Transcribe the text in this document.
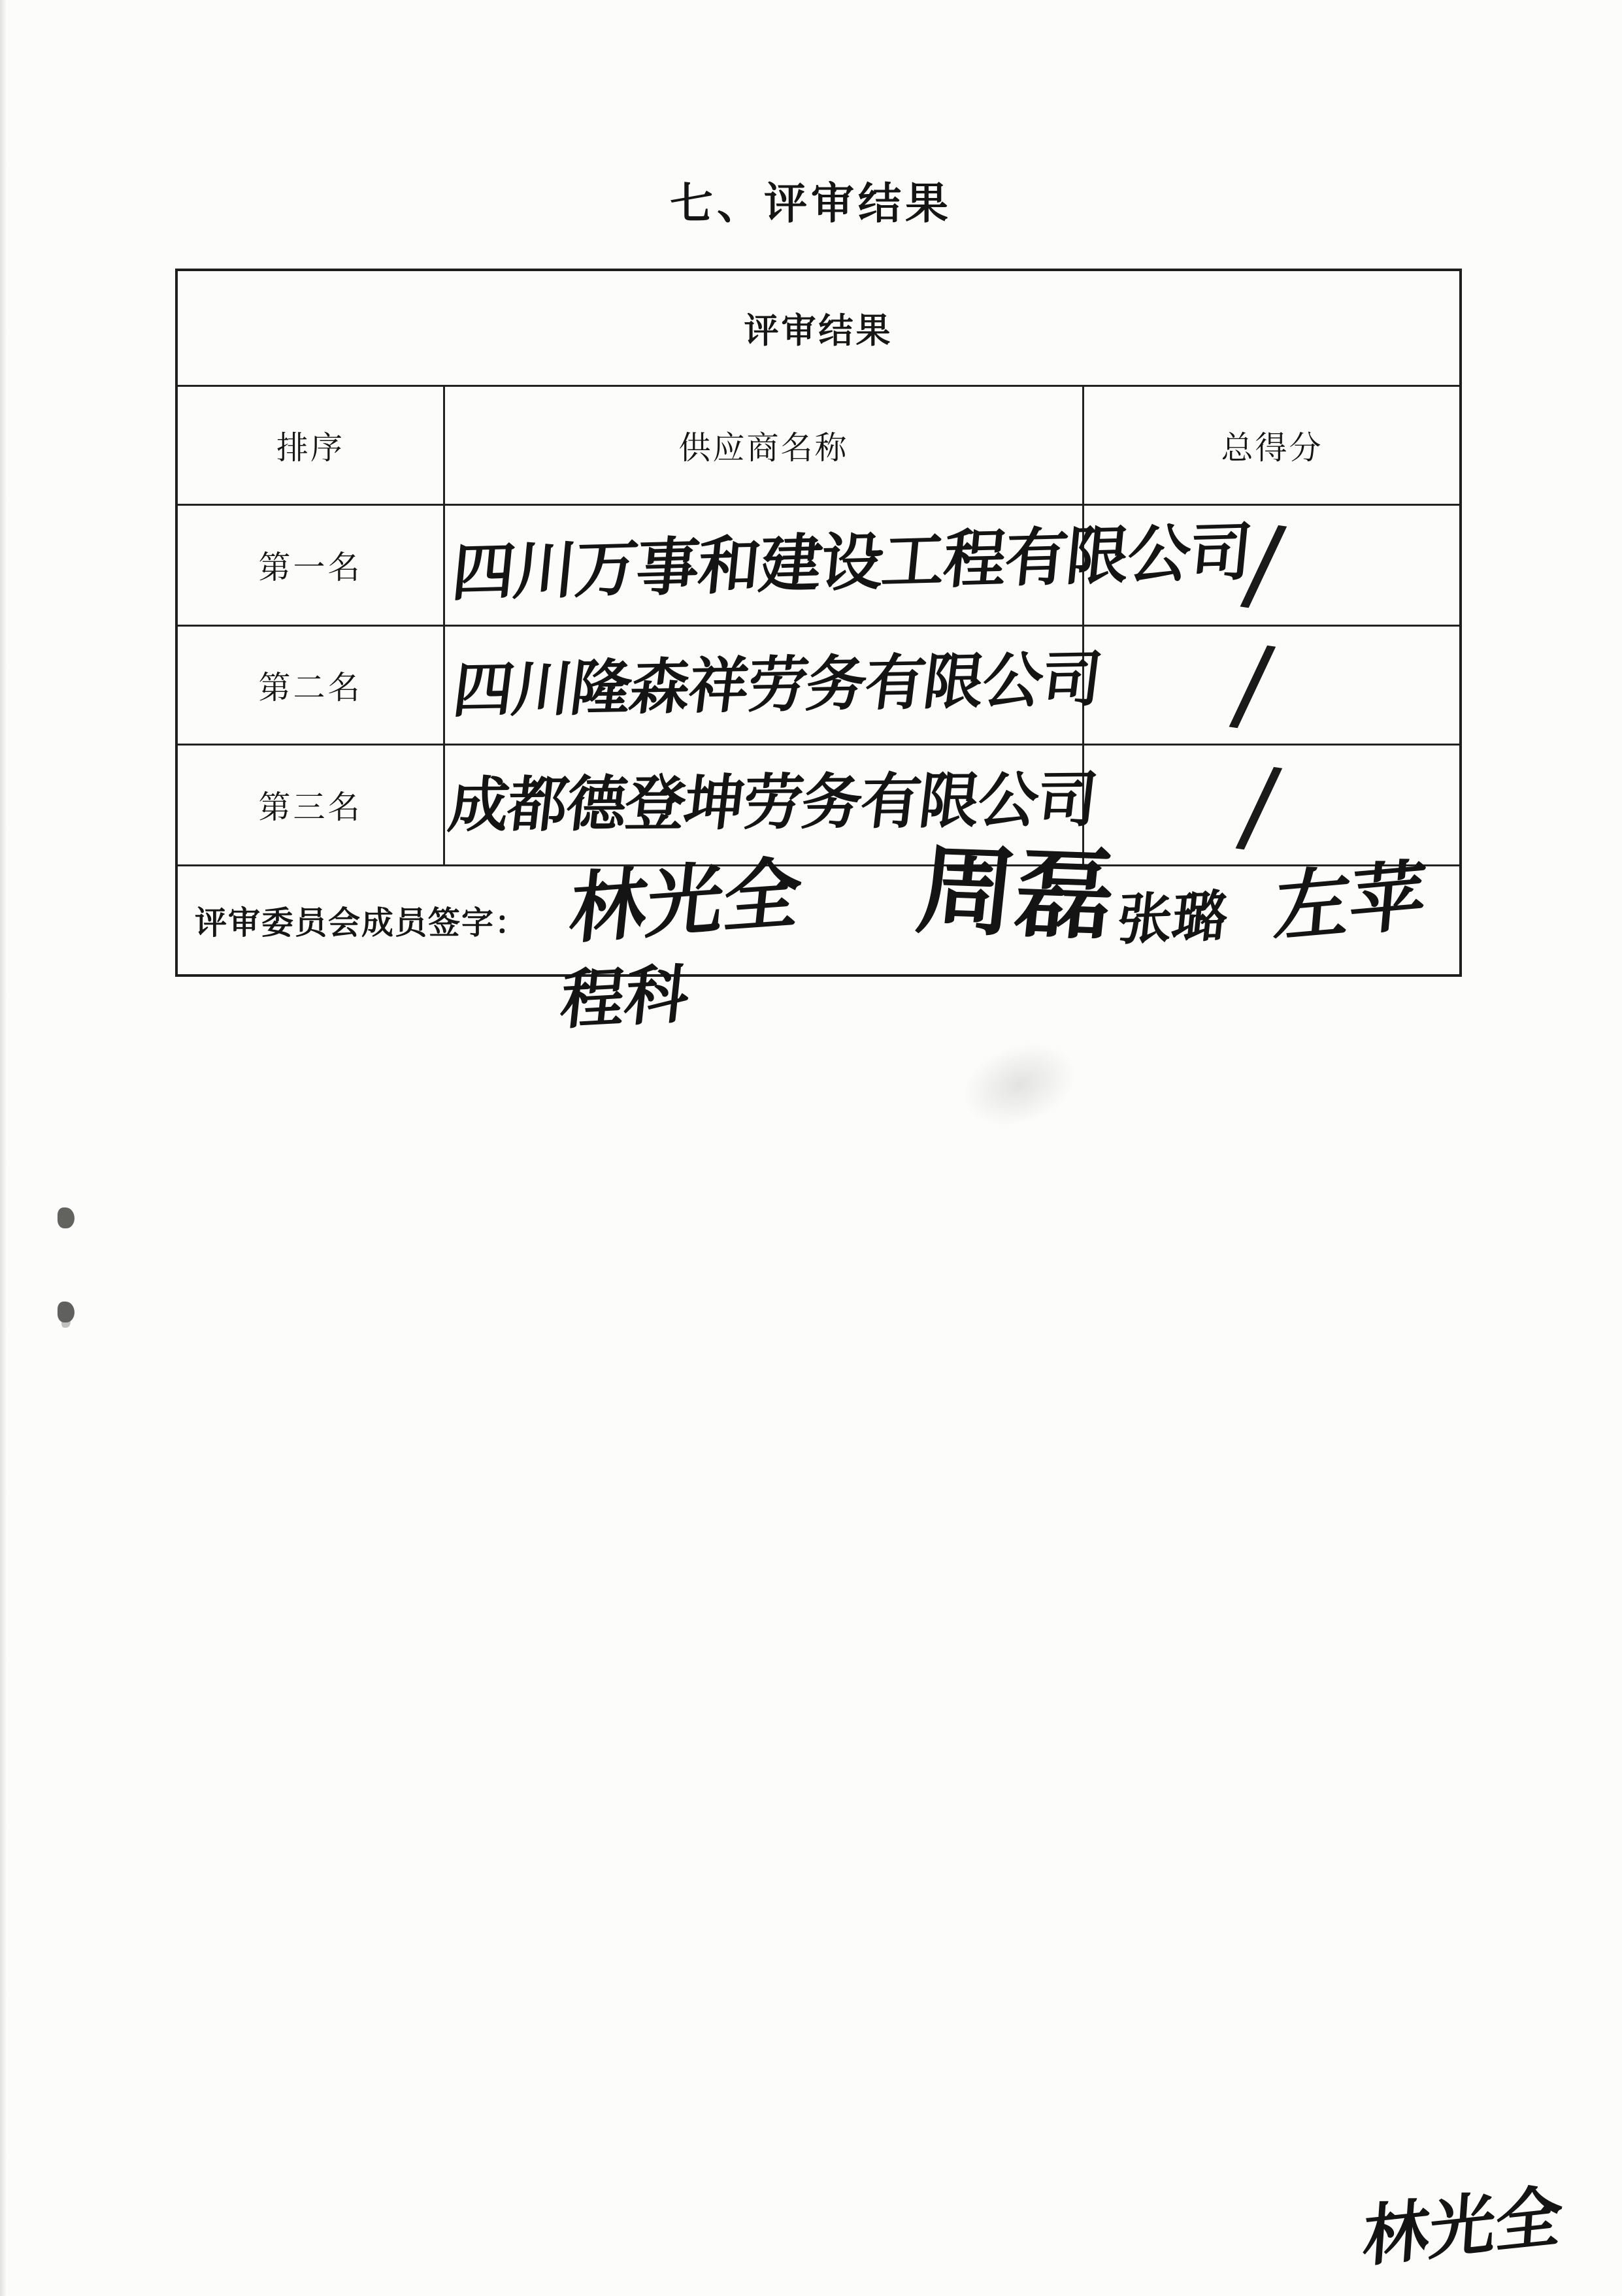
七、评审结果
评审结果
排序	供应商名称	总得分
第一名
第二名
第三名
评审委员会成员签字：
四川万事和建设工程有限公司
四川隆森祥劳务有限公司
成都德登坤劳务有限公司
/
/
/
林光全 周磊
张璐 左苹
程科
林光全
